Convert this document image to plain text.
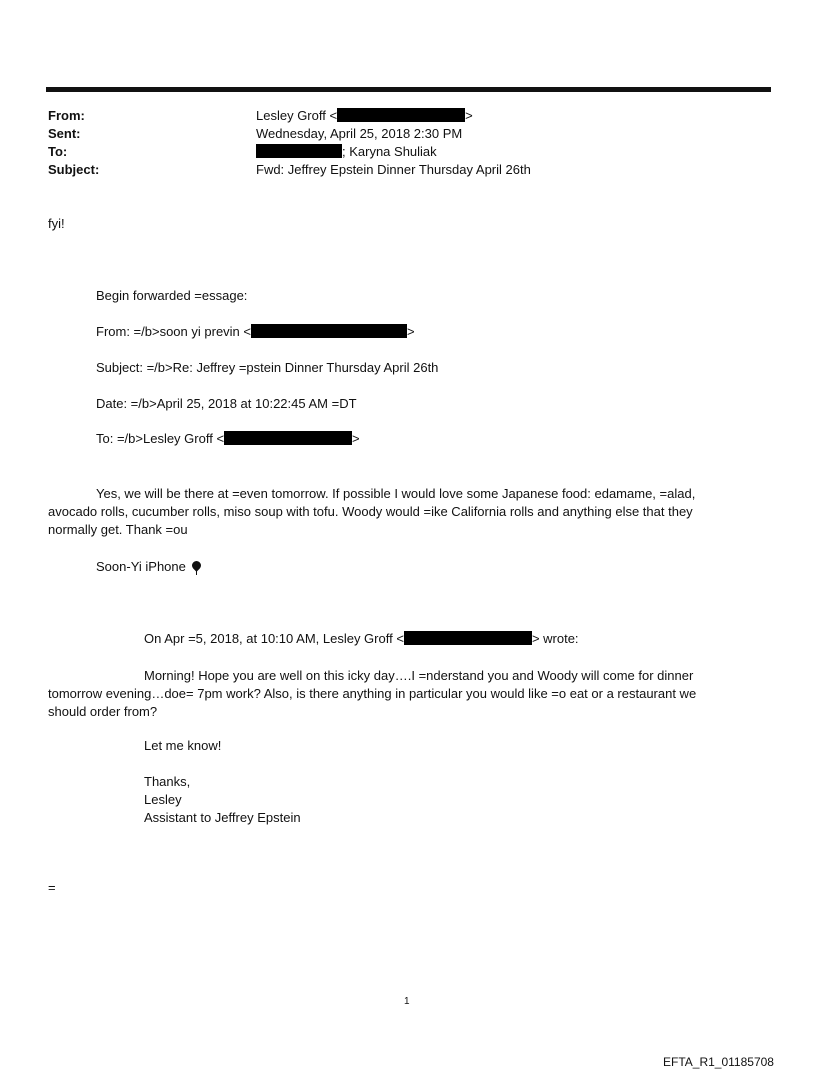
From:	Lesley Groff <	>
Sent:	Wednesday, April 25, 2018 2:30 PM
To:	; Karyna Shuliak
Subject:	Fwd: Jeffrey Epstein Dinner Thursday April 26th
fyi!
Begin forwarded =essage:
From: =/b>soon yi previn <	>
Subject: =/b>Re: Jeffrey =pstein Dinner Thursday April 26th
Date: =/b>April 25, 2018 at 10:22:45 AM =DT
To: =/b>Lesley Groff <	>
Yes, we will be there at =even tomorrow. If possible I would love some Japanese food: edamame, =alad, avocado rolls, cucumber rolls, miso soup with tofu. Woody would =ike California rolls and anything else that they normally get. Thank =ou
Soon-Yi iPhone
On Apr =5, 2018, at 10:10 AM, Lesley Groff <	> wrote:
Morning! Hope you are well on this icky day….I =nderstand you and Woody will come for dinner tomorrow evening…doe= 7pm work? Also, is there anything in particular you would like =o eat or a restaurant we should order from?
Let me know!
Thanks,
Lesley
Assistant to Jeffrey Epstein
=
1
EFTA_R1_01185708
